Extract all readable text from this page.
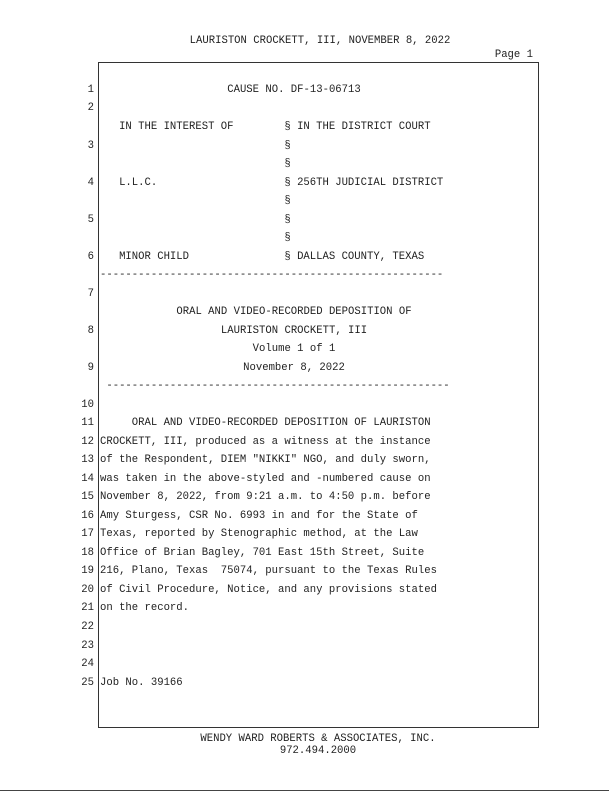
LAURISTON CROCKETT, III, NOVEMBER 8, 2022
Page 1
1	CAUSE NO. DF-13-06713
2
IN THE INTEREST OF        § IN THE DISTRICT COURT
3 §
§
4 L.L.C.                    § 256TH JUDICIAL DISTRICT
§
5 §
§
6 MINOR CHILD               § DALLAS COUNTY, TEXAS
------------------------------------------------------
7
ORAL AND VIDEO-RECORDED DEPOSITION OF
8	LAURISTON CROCKETT, III
Volume 1 of 1
9	November 8, 2022
------------------------------------------------------
10
11 ORAL AND VIDEO-RECORDED DEPOSITION OF LAURISTON
12 CROCKETT, III, produced as a witness at the instance
13 of the Respondent, DIEM "NIKKI" NGO, and duly sworn,
14 was taken in the above-styled and -numbered cause on
15 November 8, 2022, from 9:21 a.m. to 4:50 p.m. before
16 Amy Sturgess, CSR No. 6993 in and for the State of
17 Texas, reported by Stenographic method, at the Law
18 Office of Brian Bagley, 701 East 15th Street, Suite
19 216, Plano, Texas  75074, pursuant to the Texas Rules
20 of Civil Procedure, Notice, and any provisions stated
21 on the record.
22
23
24
25 Job No. 39166
WENDY WARD ROBERTS & ASSOCIATES, INC.
972.494.2000
